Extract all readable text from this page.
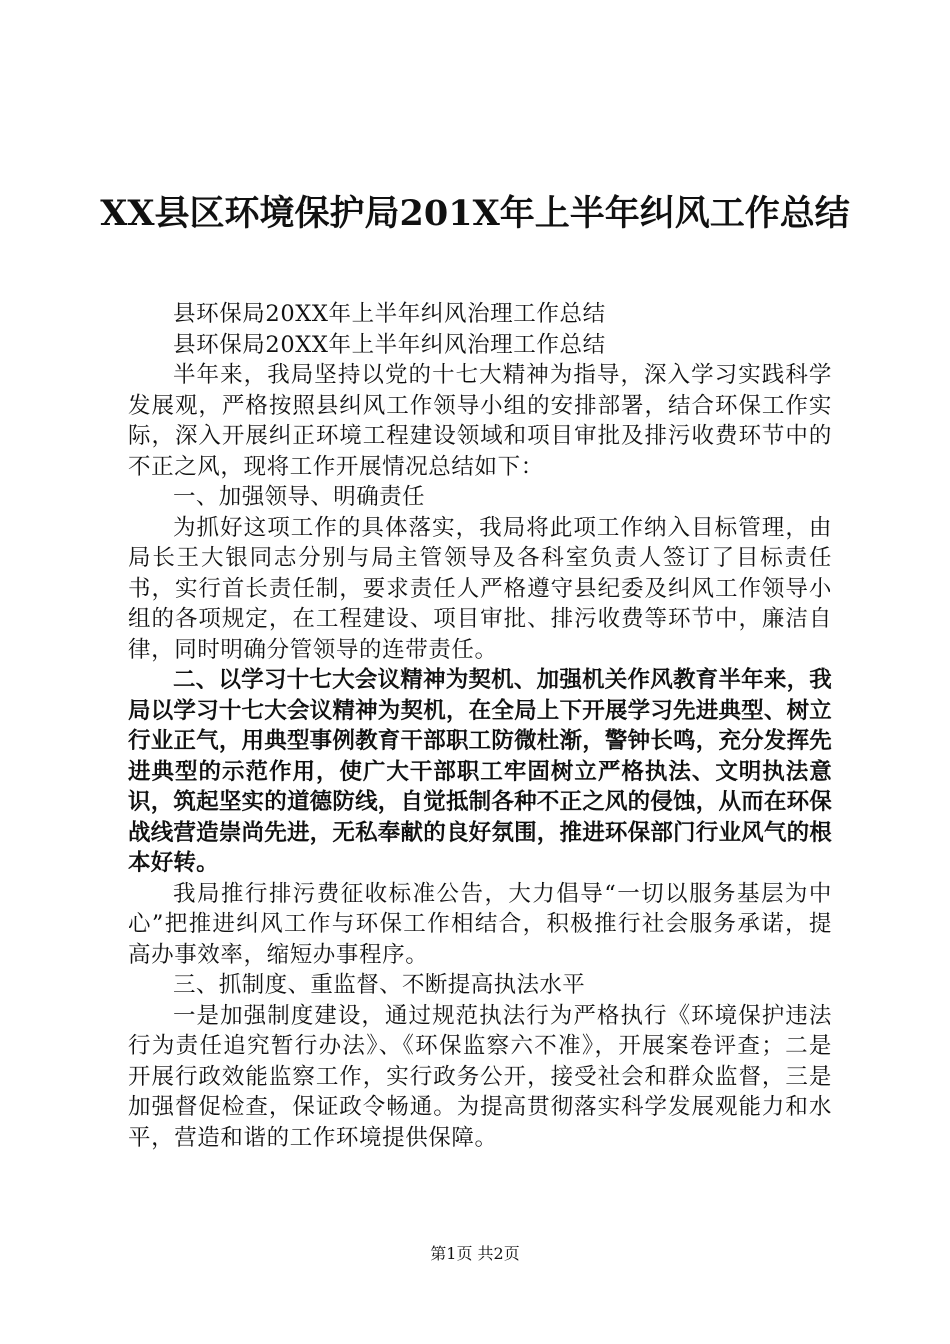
XX县区环境保护局201X年上半年纠风工作总结

县环保局20XX年上半年纠风治理工作总结

县环保局20XX年上半年纠风治理工作总结

半年来，我局坚持以党的十七大精神为指导，深入学习实践科学发展观，严格按照县纠风工作领导小组的安排部署，结合环保工作实际，深入开展纠正环境工程建设领域和项目审批及排污收费环节中的不正之风，现将工作开展情况总结如下：

一、加强领导、明确责任

为抓好这项工作的具体落实，我局将此项工作纳入目标管理，由局长王大银同志分别与局主管领导及各科室负责人签订了目标责任书，实行首长责任制，要求责任人严格遵守县纪委及纠风工作领导小组的各项规定，在工程建设、项目审批、排污收费等环节中，廉洁自律，同时明确分管领导的连带责任。

二、以学习十七大会议精神为契机、加强机关作风教育半年来，我局以学习十七大会议精神为契机，在全局上下开展学习先进典型、树立行业正气，用典型事例教育干部职工防微杜渐，警钟长鸣，充分发挥先进典型的示范作用，使广大干部职工牢固树立严格执法、文明执法意识，筑起坚实的道德防线，自觉抵制各种不正之风的侵蚀，从而在环保战线营造崇尚先进，无私奉献的良好氛围，推进环保部门行业风气的根本好转。

我局推行排污费征收标准公告，大力倡导“一切以服务基层为中心”把推进纠风工作与环保工作相结合，积极推行社会服务承诺，提高办事效率，缩短办事程序。

三、抓制度、重监督、不断提高执法水平

一是加强制度建设，通过规范执法行为严格执行《环境保护违法行为责任追究暂行办法》、《环保监察六不准》，开展案卷评查；二是开展行政效能监察工作，实行政务公开，接受社会和群众监督，三是加强督促检查，保证政令畅通。为提高贯彻落实科学发展观能力和水平，营造和谐的工作环境提供保障。

第1页 共2页
